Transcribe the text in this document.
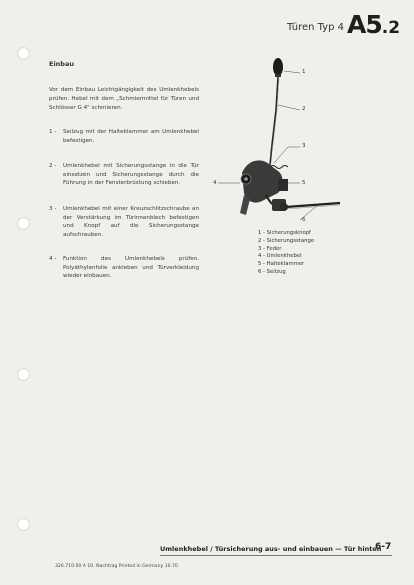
Türen Typ 4 A5.2
Einbau
Vor dem Einbau Leichtgängigkeit des Umlenkhebels prüfen. Hebel mit dem „Schmiermittel für Türen und Schlösser G 4" schmieren.
1 - Seilzug mit der Halteklammer am Umlenkhebel befestigen.
2 - Umlenkhebel mit Sicherungsstange in die Tür einsetzen und Sicherungsstange durch die Führung in der Fensterbrüstung schieben.
3 - Umlenkhebel mit einer Kreuzschlitzschraube an der Verstärkung im Türinnenblech befestigen und Knopf auf die Sicherungsstange aufschrauben.
4 - Funktion des Umlenkhebels prüfen. Polyäthylenfolie ankleben und Türverkleidung wieder einbauen.
1
2
3
4	5
6
1 - Sicherungsknopf
2 - Sicherungsstange
3 - Feder
4 - Umlenkhebel
5 - Halteklammer
6 - Seilzug
Umlenkhebel / Türsicherung aus- und einbauen — Tür hinten
6-7
326.710.00 A 10. Nachtrag Printed in Germany 10.70
